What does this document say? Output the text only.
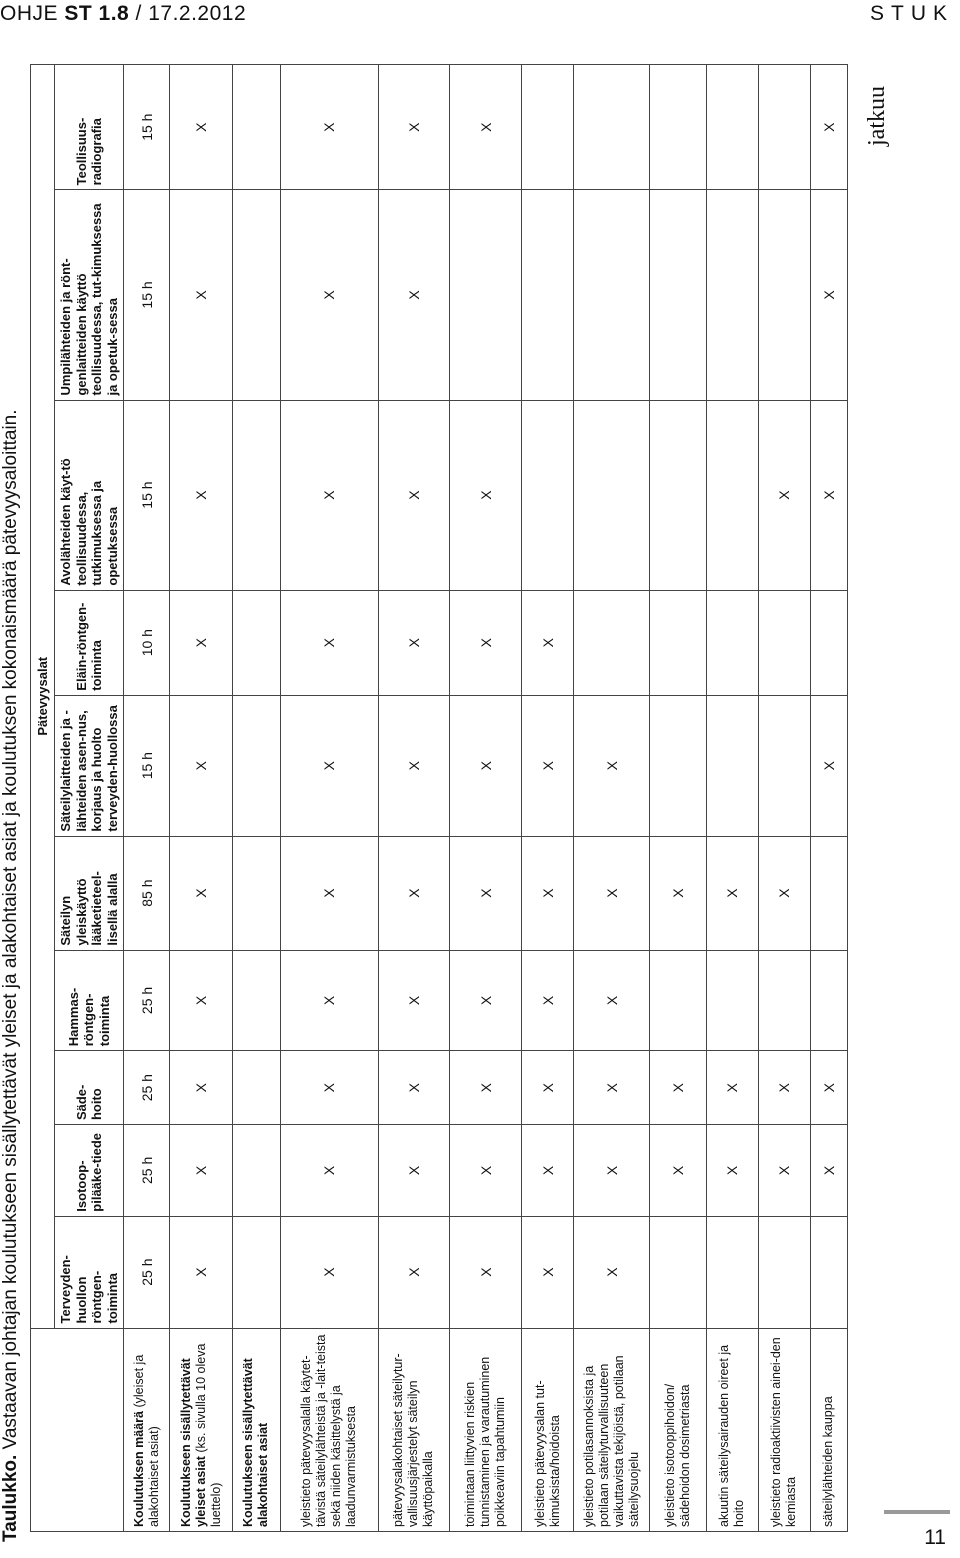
OHJE ST 1.8 / 17.2.2012	STUK
Taulukko. Vastaavan johtajan koulutukseen sisällytettävät yleiset ja alakohtaiset asiat ja koulutuksen kokonaismäärä pätevyysaloittain.
	Pätevyysalat									
	Terveyden-huollon röntgen-toiminta	Isotoop-pilääke-tiede	Säde-hoito	Hammas-röntgen-toiminta	Säteilyn yleiskäyttö lääketieteel-lisellä alalla	Säteilylaitteiden ja -lähteiden asen-nus, korjaus ja huolto terveyden-huollossa	Eläin-röntgen-toiminta	Avolähteiden käyt-tö teollisuudessa, tutkimuksessa ja opetuksessa	Umpilähteiden ja rönt-genlaitteiden käyttö teollisuudessa, tut-kimuksessa ja opetuk-sessa	Teollisuus-radiografia
Koulutuksen määrä (yleiset ja alakohtaiset asiat)	25 h	25 h	25 h	25 h	85 h	15 h	10 h	15 h	15 h	15 h
Koulutukseen sisällytettävät yleiset asiat (ks. sivulla 10 oleva luettelo)	X	X	X	X	X	X	X	X	X	X
Koulutukseen sisällytettävät alakohtaiset asiat										
yleistieto pätevyysalalla käytet-tävistä säteilylähteistä ja -lait-teista sekä niiden käsittelystä ja laadunvarmistuksesta	X	X	X	X	X	X	X	X	X	X
pätevyysalakohtaiset säteilytur-vallisuusjärjestelyt säteilyn käyttöpaikalla	X	X	X	X	X	X	X	X	X	X
toimintaan liittyvien riskien tunnistaminen ja varautuminen poikkeaviin tapahtumiin	X	X	X	X	X	X	X	X		X
yleistieto pätevyysalan tut-kimuksista/hoidoista	X	X	X	X	X	X	X			
yleistieto potilasannoksista ja potilaan säteilyturvallisuuteen vaikuttavista tekijöistä, potilaan säteilysuojelu	X	X	X	X	X	X				
yleistieto isotooppihoidon/ sädehoidon dosimetriasta		X	X		X					
akuutin säteilysairauden oireet ja hoito		X	X		X					
yleistieto radioaktiivisten ainei-den kemiasta		X	X		X			X		
säteilylähteiden kauppa		X	X			X		X	X	X jatkuu
11
